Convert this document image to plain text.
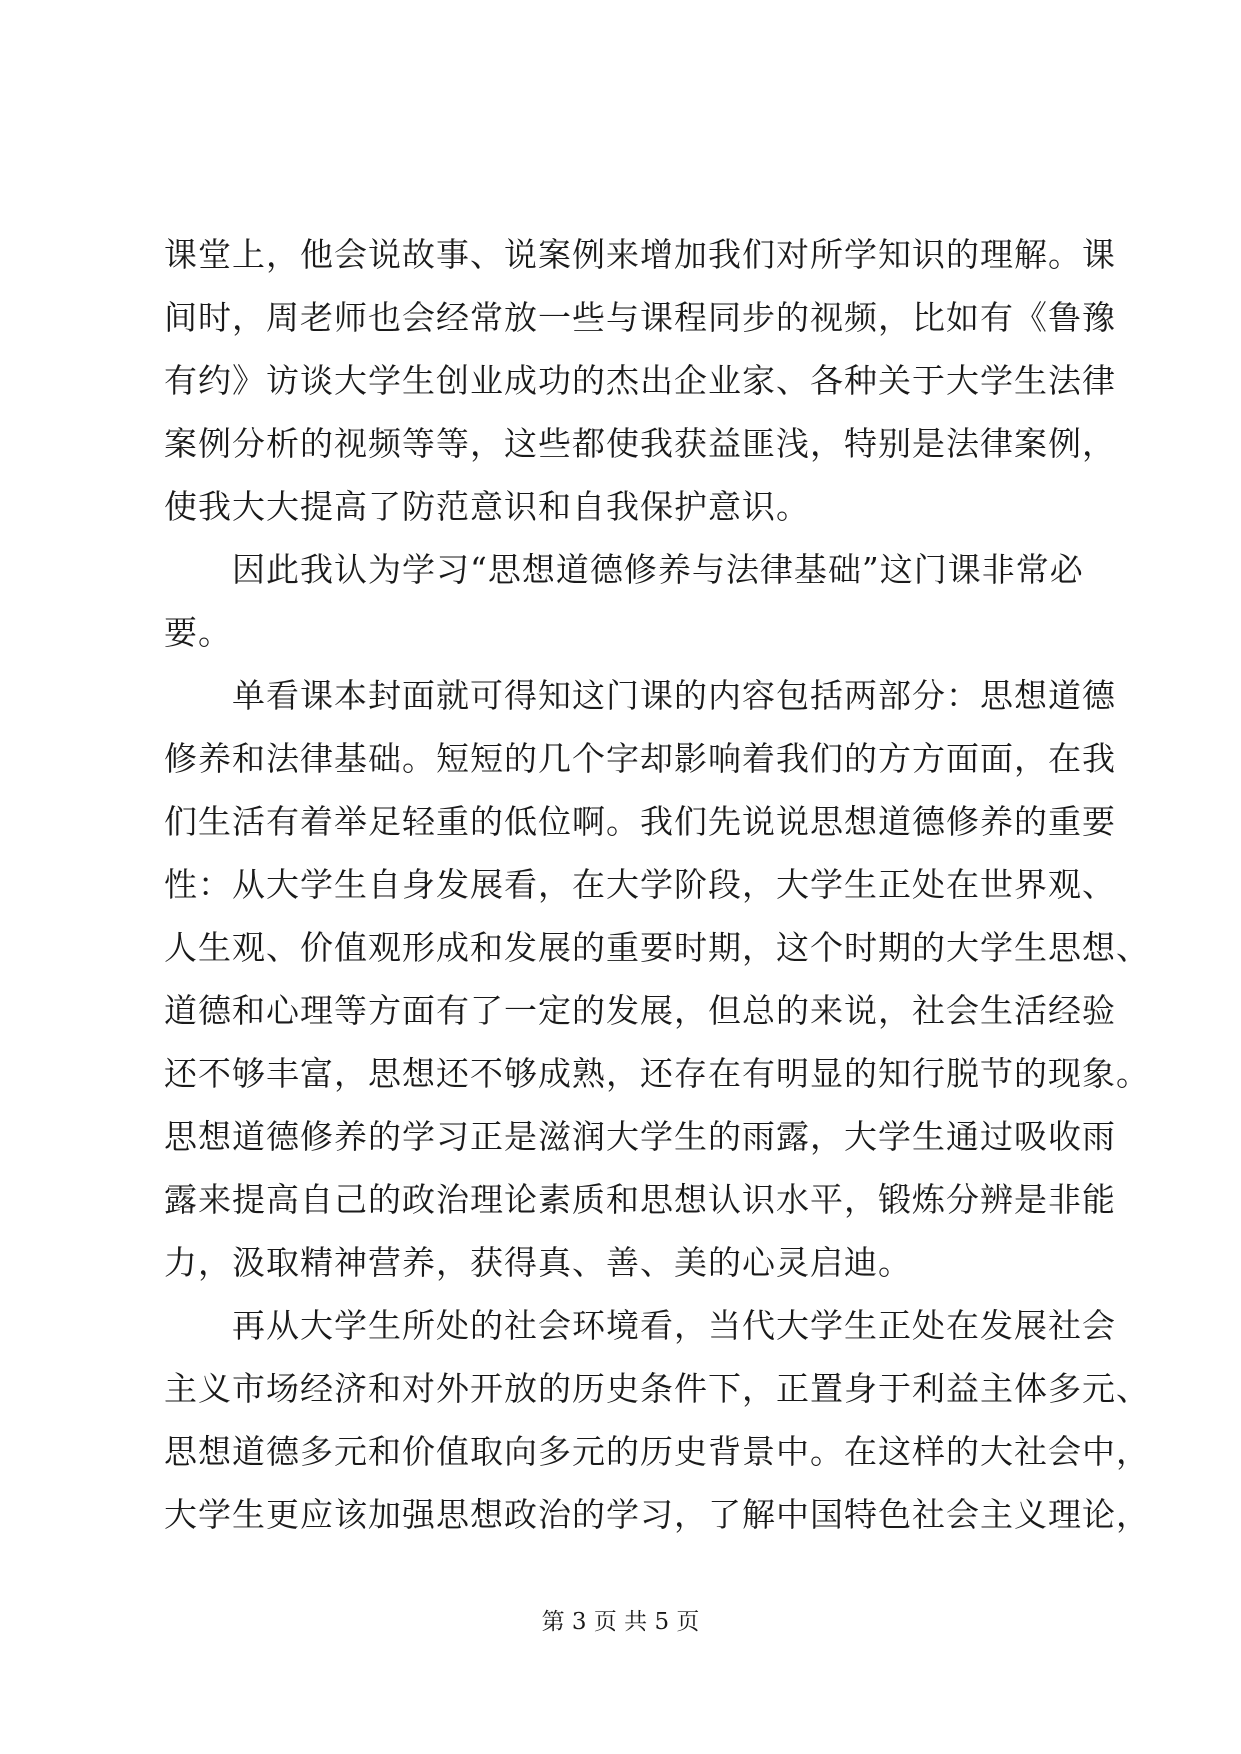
课堂上，他会说故事、说案例来增加我们对所学知识的理解。课
间时，周老师也会经常放一些与课程同步的视频，比如有《鲁豫
有约》访谈大学生创业成功的杰出企业家、各种关于大学生法律
案例分析的视频等等，这些都使我获益匪浅，特别是法律案例，
使我大大提高了防范意识和自我保护意识。
　　因此我认为学习“思想道德修养与法律基础”这门课非常必
要。
　　单看课本封面就可得知这门课的内容包括两部分：思想道德
修养和法律基础。短短的几个字却影响着我们的方方面面，在我
们生活有着举足轻重的低位啊。我们先说说思想道德修养的重要
性：从大学生自身发展看，在大学阶段，大学生正处在世界观、
人生观、价值观形成和发展的重要时期，这个时期的大学生思想、
道德和心理等方面有了一定的发展，但总的来说，社会生活经验
还不够丰富，思想还不够成熟，还存在有明显的知行脱节的现象。
思想道德修养的学习正是滋润大学生的雨露，大学生通过吸收雨
露来提高自己的政治理论素质和思想认识水平，锻炼分辨是非能
力，汲取精神营养，获得真、善、美的心灵启迪。
　　再从大学生所处的社会环境看，当代大学生正处在发展社会
主义市场经济和对外开放的历史条件下，正置身于利益主体多元、
思想道德多元和价值取向多元的历史背景中。在这样的大社会中，
大学生更应该加强思想政治的学习，了解中国特色社会主义理论，
第 3 页 共 5 页
